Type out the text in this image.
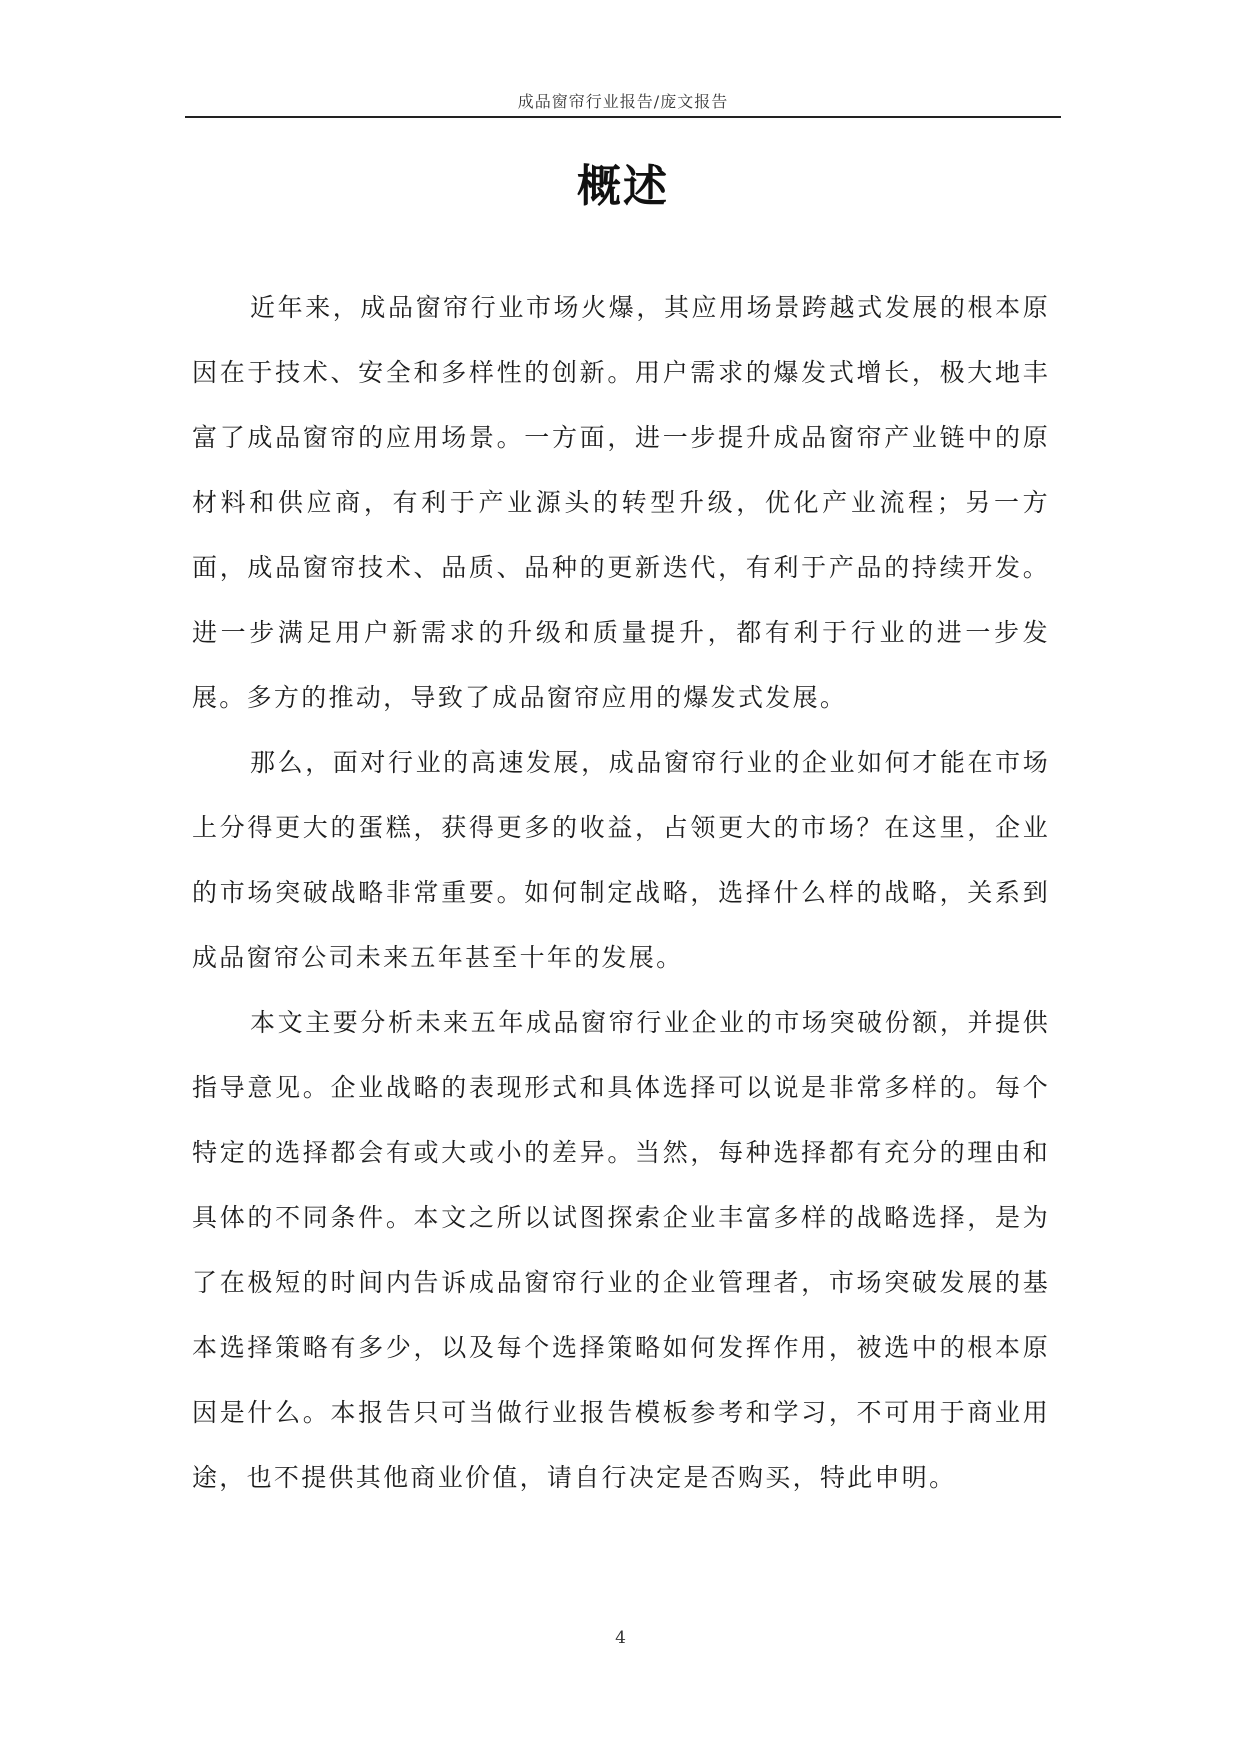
成品窗帘行业报告/庞文报告
概述

近年来，成品窗帘行业市场火爆，其应用场景跨越式发展的根本原因在于技术、安全和多样性的创新。用户需求的爆发式增长，极大地丰富了成品窗帘的应用场景。一方面，进一步提升成品窗帘产业链中的原材料和供应商，有利于产业源头的转型升级，优化产业流程；另一方面，成品窗帘技术、品质、品种的更新迭代，有利于产品的持续开发。进一步满足用户新需求的升级和质量提升，都有利于行业的进一步发展。多方的推动，导致了成品窗帘应用的爆发式发展。

那么，面对行业的高速发展，成品窗帘行业的企业如何才能在市场上分得更大的蛋糕，获得更多的收益，占领更大的市场？在这里，企业的市场突破战略非常重要。如何制定战略，选择什么样的战略，关系到成品窗帘公司未来五年甚至十年的发展。

本文主要分析未来五年成品窗帘行业企业的市场突破份额，并提供指导意见。企业战略的表现形式和具体选择可以说是非常多样的。每个特定的选择都会有或大或小的差异。当然，每种选择都有充分的理由和具体的不同条件。本文之所以试图探索企业丰富多样的战略选择，是为了在极短的时间内告诉成品窗帘行业的企业管理者，市场突破发展的基本选择策略有多少，以及每个选择策略如何发挥作用，被选中的根本原因是什么。本报告只可当做行业报告模板参考和学习，不可用于商业用途，也不提供其他商业价值，请自行决定是否购买，特此申明。

4
